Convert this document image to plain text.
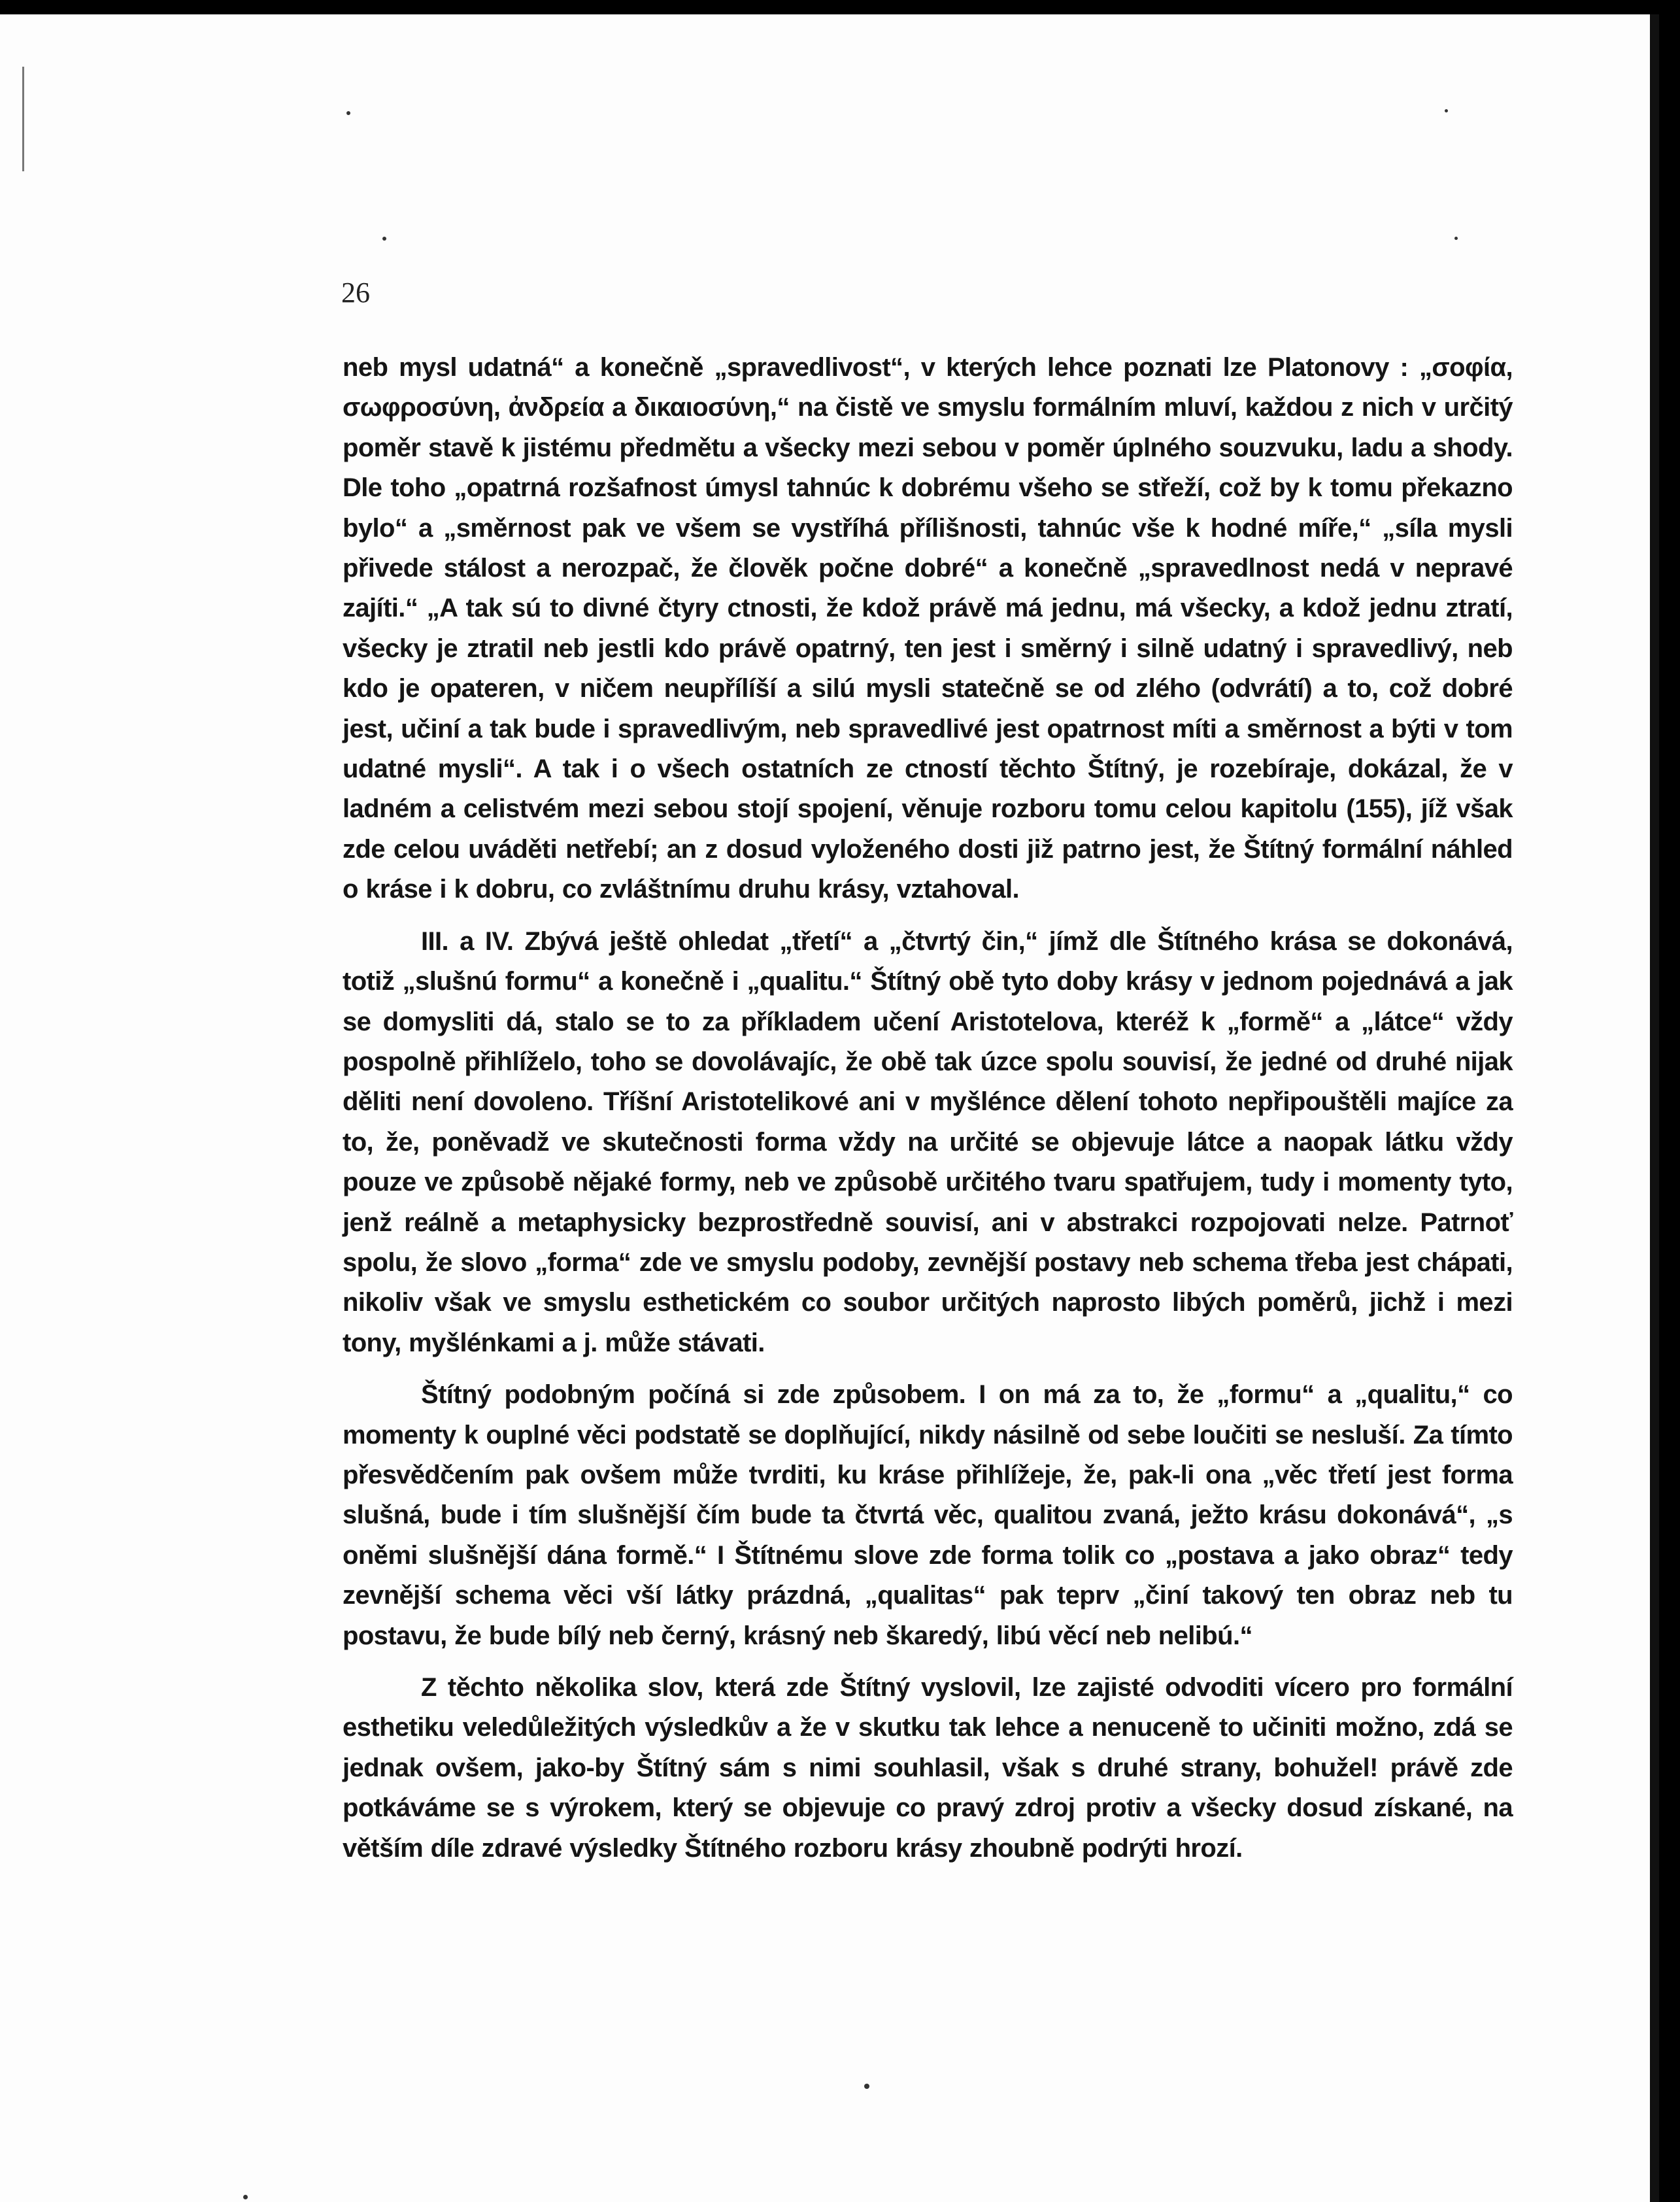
26

neb mysl udatná“ a konečně „spravedlivost“, v kterých lehce poznati lze Platonovy : „σοφία, σωφροσύνη, ἀνδρεία a δικαιοσύνη,“ na čistě ve smyslu formálním mluví, každou z nich v určitý poměr stavě k jistému předmětu a všecky mezi sebou v poměr úplného souzvuku, ladu a shody. Dle toho „opatrná rozšafnost úmysl tahnúc k dobrému všeho se střeží, což by k tomu překazno bylo“ a „směrnost pak ve všem se vystříhá přílišnosti, tahnúc vše k hodné míře,“ „síla mysli přivede stálost a nerozpač, že člověk počne dobré“ a konečně „spravedlnost nedá v nepravé zajíti.“ „A tak sú to divné čtyry ctnosti, že kdož právě má jednu, má všecky, a kdož jednu ztratí, všecky je ztratil neb jestli kdo právě opatrný, ten jest i směrný i silně udatný i spravedlivý, neb kdo je opateren, v ničem neupřílíší a silú mysli statečně se od zlého (odvrátí) a to, což dobré jest, učiní a tak bude i spravedlivým, neb spravedlivé jest opatrnost míti a směrnost a býti v tom udatné mysli“. A tak i o všech ostatních ze ctností těchto Štítný, je rozebíraje, dokázal, že v ladném a celistvém mezi sebou stojí spojení, věnuje rozboru tomu celou kapitolu (155), jíž však zde celou uváděti netřebí; an z dosud vyloženého dosti již patrno jest, že Štítný formální náhled o kráse i k dobru, co zvláštnímu druhu krásy, vztahoval.

III. a IV. Zbývá ještě ohledat „třetí“ a „čtvrtý čin,“ jímž dle Štítného krása se dokonává, totiž „slušnú formu“ a konečně i „qualitu.“ Štítný obě tyto doby krásy v jednom pojednává a jak se domysliti dá, stalo se to za příkladem učení Aristotelova, kteréž k „formě“ a „látce“ vždy pospolně přihlíželo, toho se dovolávajíc, že obě tak úzce spolu souvisí, že jedné od druhé nijak děliti není dovoleno. Tříšní Aristotelikové ani v myšlénce dělení tohoto nepřipouštěli majíce za to, že, poněvadž ve skutečnosti forma vždy na určité se objevuje látce a naopak látku vždy pouze ve způsobě nějaké formy, neb ve způsobě určitého tvaru spatřujem, tudy i momenty tyto, jenž reálně a metaphysicky bezprostředně souvisí, ani v abstrakci rozpojovati nelze. Patrnoť spolu, že slovo „forma“ zde ve smyslu podoby, zevnější postavy neb schema třeba jest chápati, nikoliv však ve smyslu esthetickém co soubor určitých naprosto libých poměrů, jichž i mezi tony, myšlénkami a j. může stávati.

Štítný podobným počíná si zde způsobem. I on má za to, že „formu“ a „qualitu,“ co momenty k ouplné věci podstatě se doplňující, nikdy násilně od sebe loučiti se nesluší. Za tímto přesvědčením pak ovšem může tvrditi, ku kráse přihlížeje, že, pak-li ona „věc třetí jest forma slušná, bude i tím slušnější čím bude ta čtvrtá věc, qualitou zvaná, ježto krásu dokonává“, „s oněmi slušnější dána formě.“ I Štítnému slove zde forma tolik co „postava a jako obraz“ tedy zevnější schema věci vší látky prázdná, „qualitas“ pak teprv „činí takový ten obraz neb tu postavu, že bude bílý neb černý, krásný neb škaredý, libú věcí neb nelibú.“

Z těchto několika slov, která zde Štítný vyslovil, lze zajisté odvoditi vícero pro formální esthetiku veledůležitých výsledkův a že v skutku tak lehce a nenuceně to učiniti možno, zdá se jednak ovšem, jako-by Štítný sám s nimi souhlasil, však s druhé strany, bohužel! právě zde potkáváme se s výrokem, který se objevuje co pravý zdroj protiv a všecky dosud získané, na větším díle zdravé výsledky Štítného rozboru krásy zhoubně podrýti hrozí.
